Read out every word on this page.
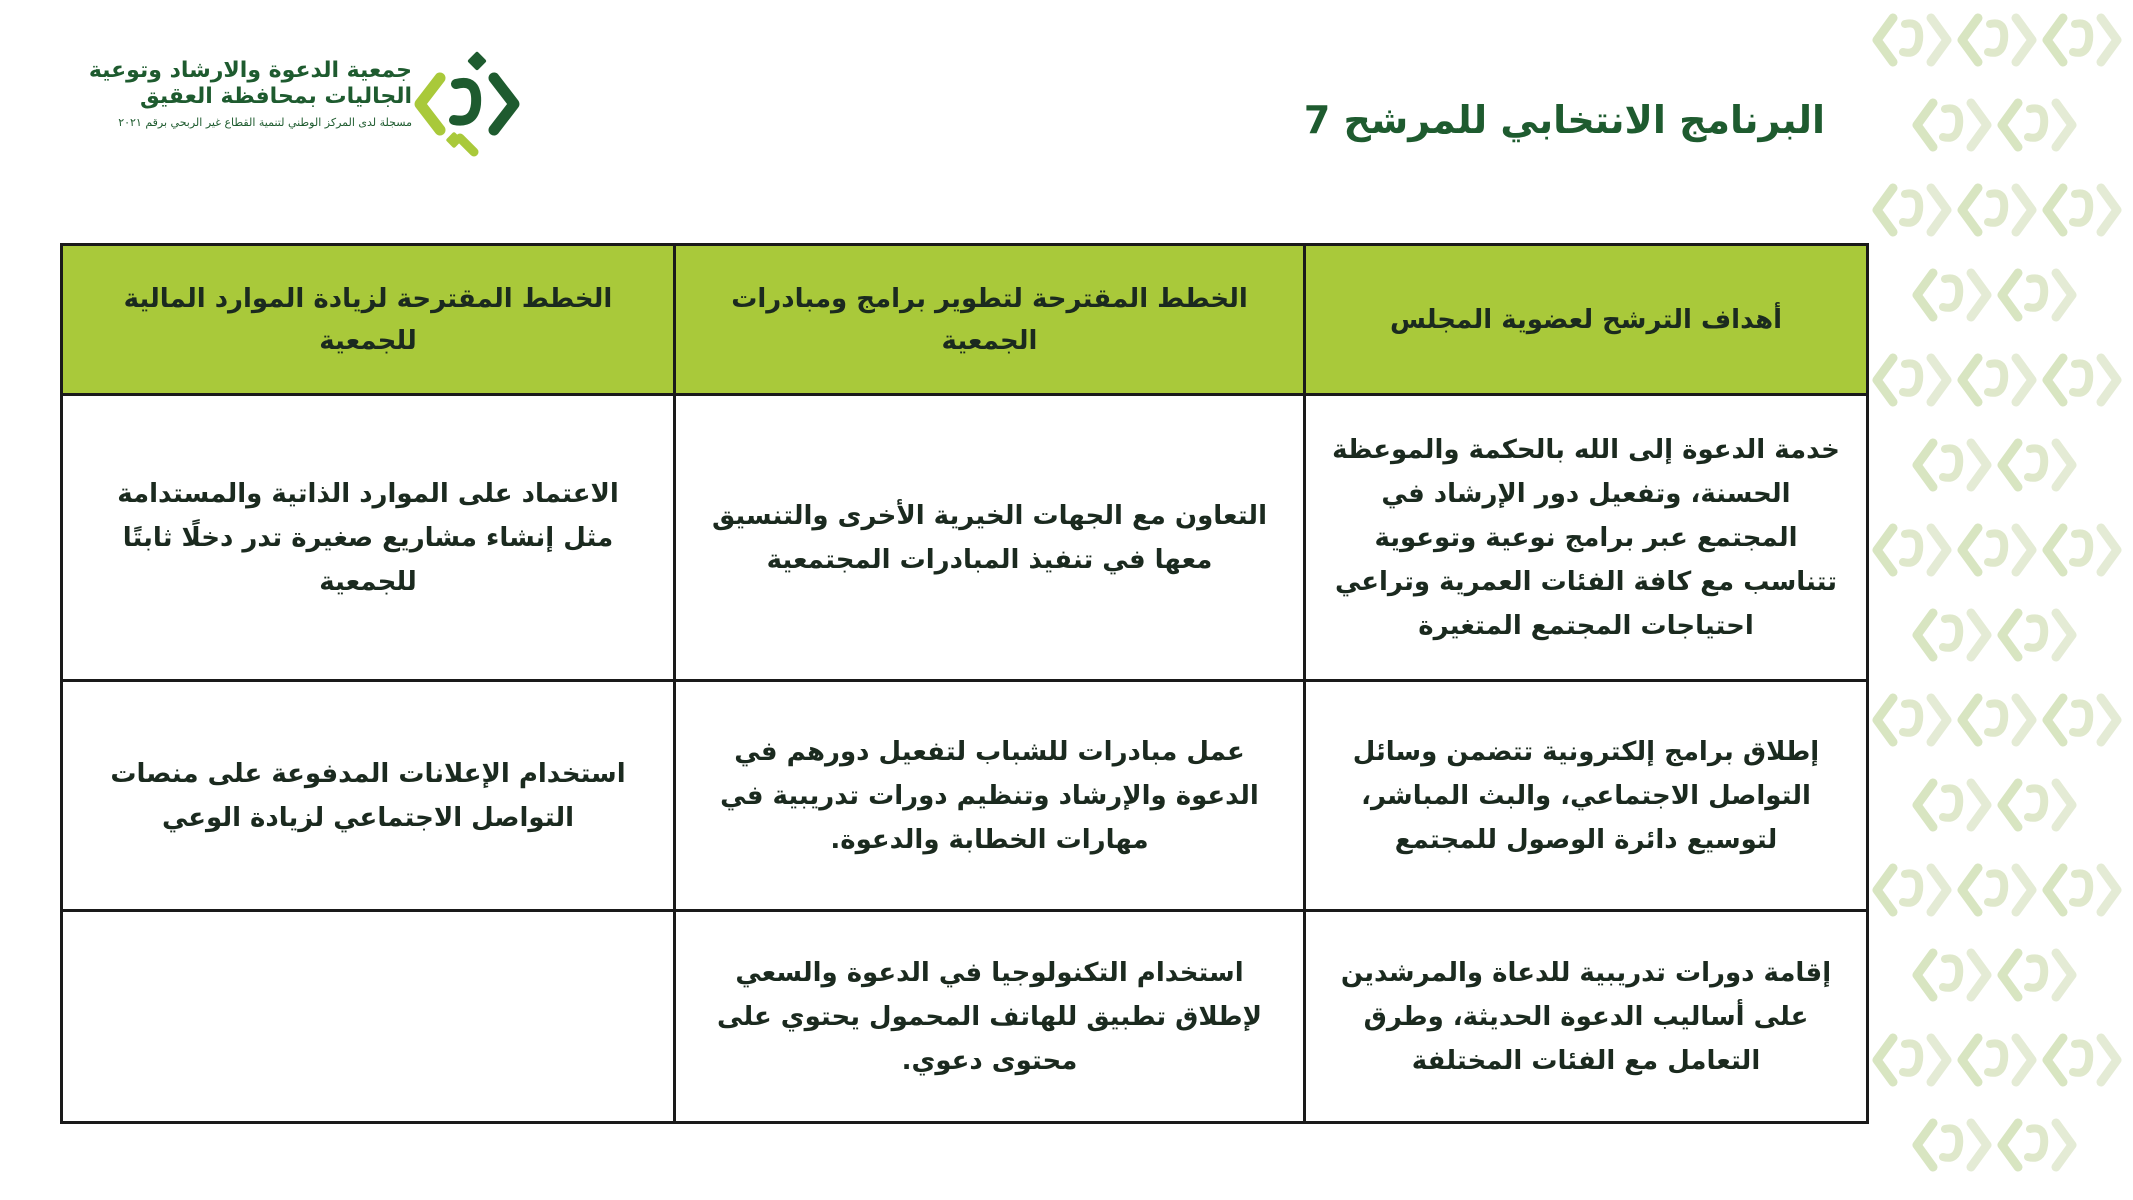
جمعية الدعوة والارشاد وتوعية
الجاليات بمحافظة العقيق
مسجلة لدى المركز الوطني لتنمية القطاع غير الربحي برقم ٢٠٢١	البرنامج الانتخابي للمرشح 7
أهداف الترشح لعضوية المجلس	الخطط المقترحة لتطوير برامج ومبادرات الجمعية	الخطط المقترحة لزيادة الموارد المالية للجمعية
خدمة الدعوة إلى الله بالحكمة والموعظة الحسنة، وتفعيل دور الإرشاد في المجتمع عبر برامج نوعية وتوعوية تتناسب مع كافة الفئات العمرية وتراعي احتياجات المجتمع المتغيرة	التعاون مع الجهات الخيرية الأخرى والتنسيق معها في تنفيذ المبادرات المجتمعية	الاعتماد على الموارد الذاتية والمستدامة مثل إنشاء مشاريع صغيرة تدر دخلًا ثابتًا للجمعية
إطلاق برامج إلكترونية تتضمن وسائل التواصل الاجتماعي، والبث المباشر، لتوسيع دائرة الوصول للمجتمع	عمل مبادرات للشباب لتفعيل دورهم في الدعوة والإرشاد وتنظيم دورات تدريبية في مهارات الخطابة والدعوة.	استخدام الإعلانات المدفوعة على منصات التواصل الاجتماعي لزيادة الوعي
إقامة دورات تدريبية للدعاة والمرشدين على أساليب الدعوة الحديثة، وطرق التعامل مع الفئات المختلفة	استخدام التكنولوجيا في الدعوة والسعي لإطلاق تطبيق للهاتف المحمول يحتوي على محتوى دعوي.	
